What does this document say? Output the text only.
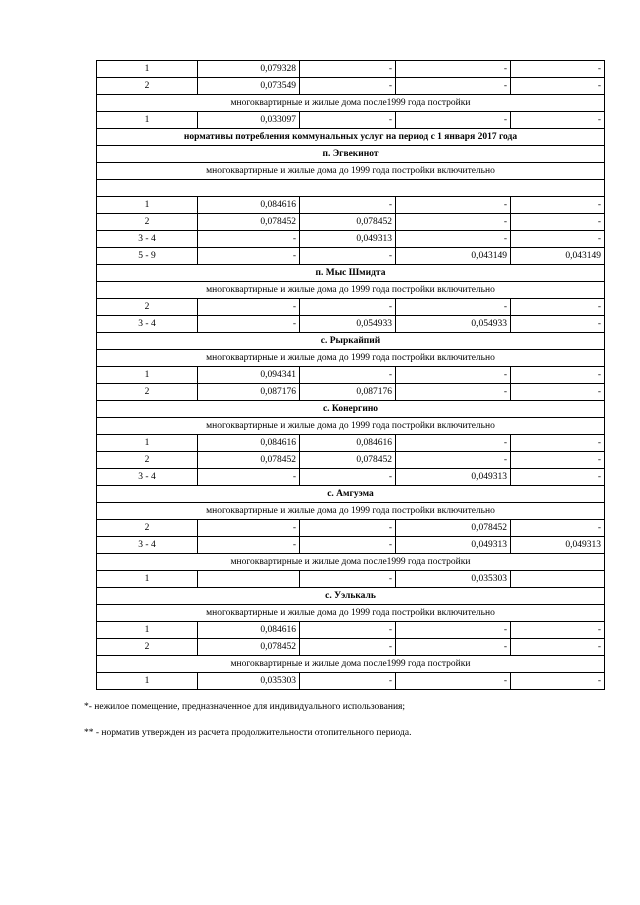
1	0,079328	-	-	-
2	0,073549	-	-	-
многоквартирные и жилые дома после1999 года постройки				
1	0,033097	-	-	-
нормативы потребления коммунальных услуг на период с 1 января 2017 года				
п. Эгвекинот				
многоквартирные и жилые дома до 1999 года постройки включительно				

1	0,084616	-	-	-
2	0,078452	0,078452	-	-
3 - 4	-	0,049313	-	-
5 - 9	-	-	0,043149	0,043149
п. Мыс Шмидта				
многоквартирные и жилые дома до 1999 года постройки включительно				
2	-	-	-	-
3 - 4	-	0,054933	0,054933	-
с. Рыркайпий				
многоквартирные и жилые дома до 1999 года постройки включительно				
1	0,094341	-	-	-
2	0,087176	0,087176	-	-
с. Конергино				
многоквартирные и жилые дома до 1999 года постройки включительно				
1	0,084616	0,084616	-	-
2	0,078452	0,078452	-	-
3 - 4	-	-	0,049313	-
с. Амгуэма				
многоквартирные и жилые дома до 1999 года постройки включительно				
2	-	-	0,078452	-
3 - 4	-	-	0,049313	0,049313
многоквартирные и жилые дома после1999 года постройки				
1		-	0,035303	
с. Уэлькаль				
многоквартирные и жилые дома до 1999 года постройки включительно				
1	0,084616	-	-	-
2	0,078452	-	-	-
многоквартирные и жилые дома после1999 года постройки				
1	0,035303	-	-	-
*- нежилое помещение, предназначенное для индивидуального использования;
** - норматив утвержден из расчета продолжительности отопительного периода.
